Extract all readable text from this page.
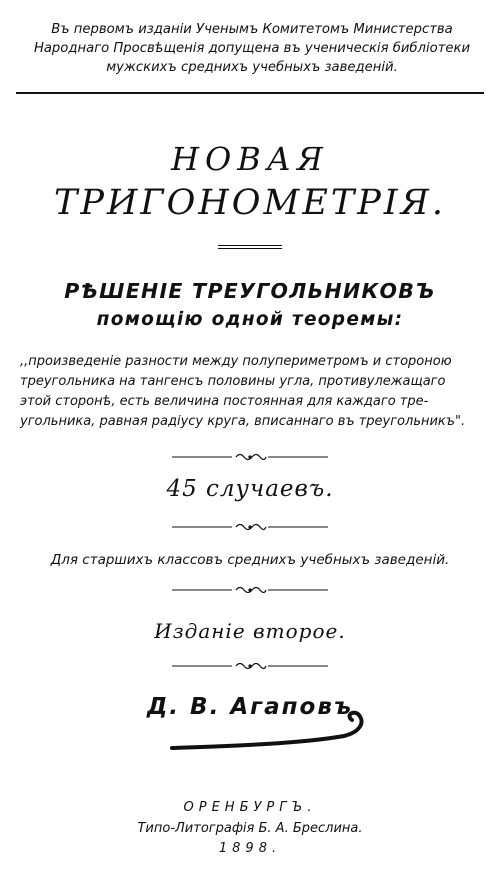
Въ первомъ изданiи Ученымъ Комитетомъ Министерства
Народнаго Просвѣщенія допущена въ ученическія библіотеки
мужскихъ среднихъ учебныхъ заведеній.
НОВАЯ
ТРИГОНОМЕТРІЯ.
РѢШЕНІЕ ТРЕУГОЛЬНИКОВЪ
помощію одной теоремы:
,,произведеніе разности между полупериметромъ и стороною
треугольника на тангенсъ половины угла, противулежащаго
этой сторонѣ, есть величина постоянная для каждаго тре-
угольника, равная радіусу круга, вписаннаго въ треугольникъ".
45 случаевъ.
Для старшихъ классовъ среднихъ учебныхъ заведеній.
Изданіе второе.
Д. В. Агаповъ
ОРЕНБУРГЪ.
Типо-Литографія Б. А. Бреслина.
1898.
